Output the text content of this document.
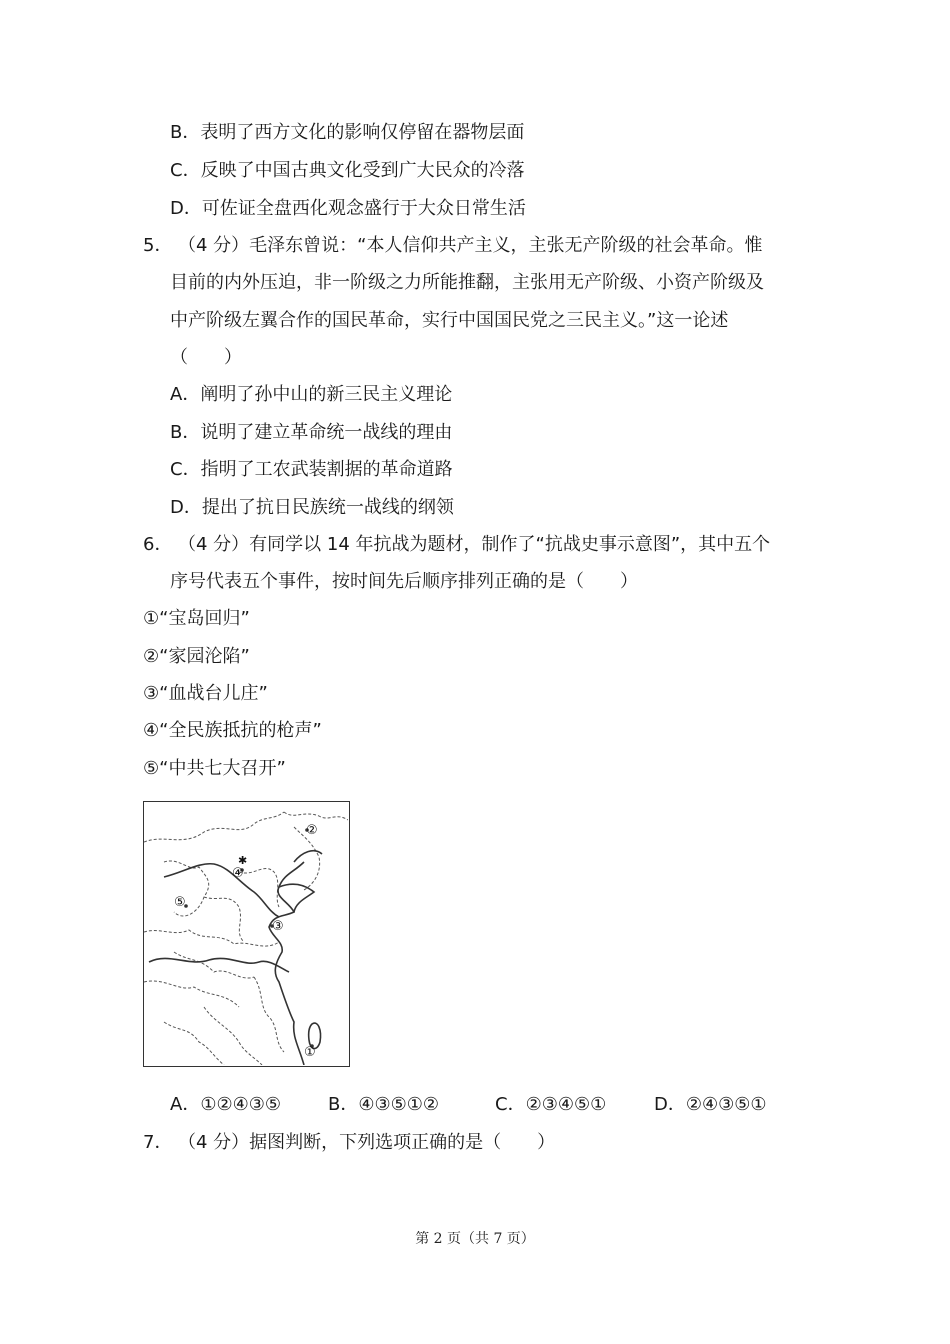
B．表明了西方文化的影响仅停留在器物层面
C．反映了中国古典文化受到广大民众的冷落
D．可佐证全盘西化观念盛行于大众日常生活
5． （4 分）毛泽东曾说：“本人信仰共产主义，主张无产阶级的社会革命。惟
目前的内外压迫，非一阶级之力所能推翻，主张用无产阶级、小资产阶级及
中产阶级左翼合作的国民革命，实行中国国民党之三民主义。”这一论述
（　　）
A．阐明了孙中山的新三民主义理论
B．说明了建立革命统一战线的理由
C．指明了工农武装割据的革命道路
D．提出了抗日民族统一战线的纲领
6． （4 分）有同学以 14 年抗战为题材，制作了“抗战史事示意图”，其中五个
序号代表五个事件，按时间先后顺序排列正确的是（　　）
①“宝岛回归”
②“家园沦陷”
③“血战台儿庄”
④“全民族抵抗的枪声”
⑤“中共七大召开”
②
④
⑤
③
①
✱
A．①②④③⑤	B．④③⑤①②	C．②③④⑤①	D．②④③⑤①
7． （4 分）据图判断，下列选项正确的是（　　）
第 2 页（共 7 页）
